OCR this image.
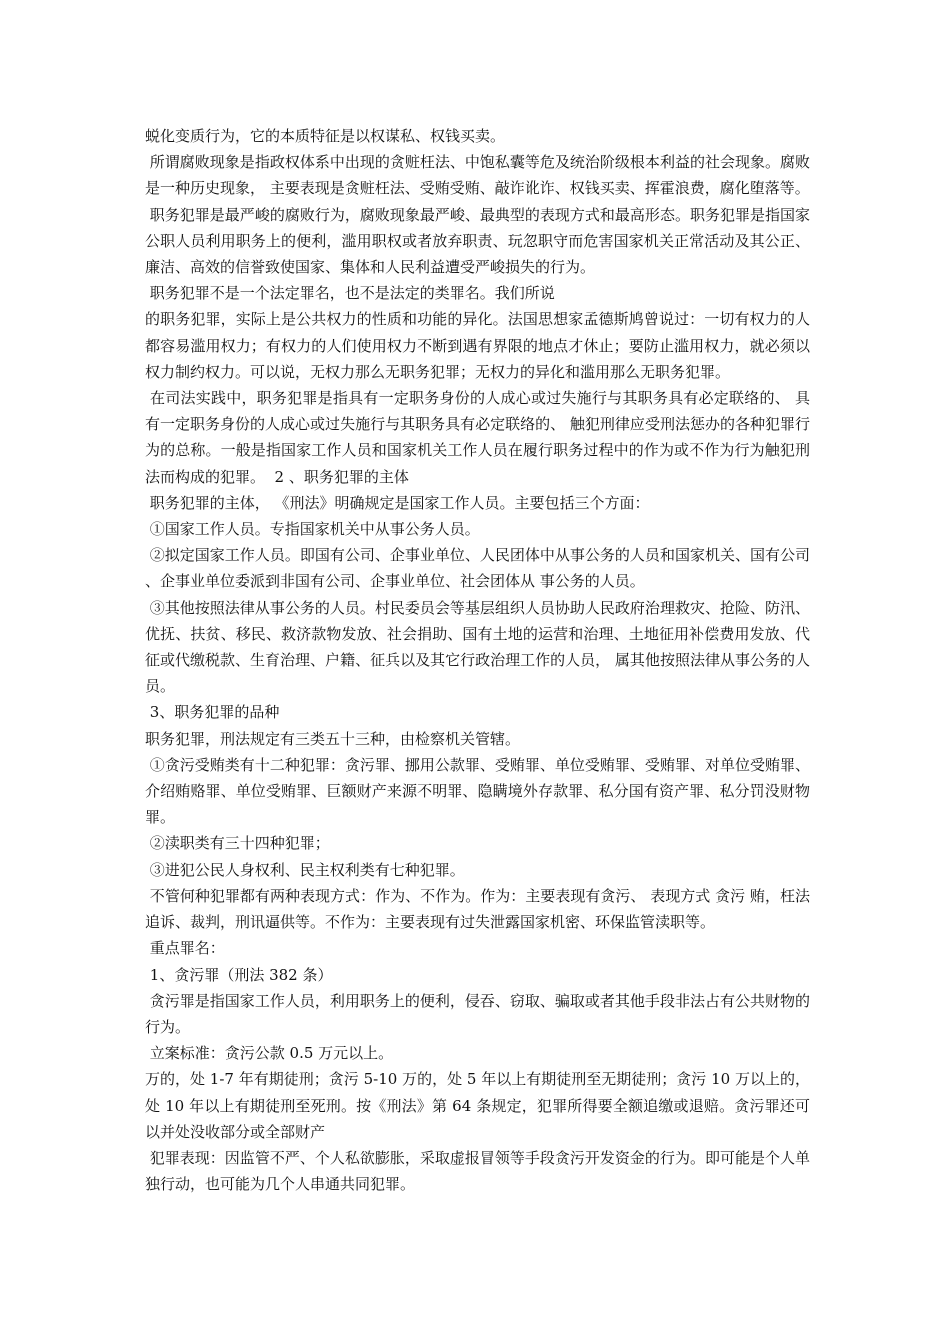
蜕化变质行为，它的本质特征是以权谋私、权钱买卖。

所谓腐败现象是指政权体系中出现的贪赃枉法、中饱私囊等危及统治阶级根本利益的社会现象。腐败是一种历史现象， 主要表现是贪赃枉法、受贿受贿、敲诈讹诈、权钱买卖、挥霍浪费，腐化堕落等。

职务犯罪是最严峻的腐败行为，腐败现象最严峻、最典型的表现方式和最高形态。职务犯罪是指国家公职人员利用职务上的便利，滥用职权或者放弃职责、玩忽职守而危害国家机关正常活动及其公正、廉洁、高效的信誉致使国家、集体和人民利益遭受严峻损失的行为。

职务犯罪不是一个法定罪名，也不是法定的类罪名。我们所说

的职务犯罪，实际上是公共权力的性质和功能的异化。法国思想家孟德斯鸠曾说过：一切有权力的人都容易滥用权力；有权力的人们使用权力不断到遇有界限的地点才休止；要防止滥用权力，就必须以权力制约权力。可以说，无权力那么无职务犯罪；无权力的异化和滥用那么无职务犯罪。

在司法实践中，职务犯罪是指具有一定职务身份的人成心或过失施行与其职务具有必定联络的、 具有一定职务身份的人成心或过失施行与其职务具有必定联络的、 触犯刑律应受刑法惩办的各种犯罪行为的总称。一般是指国家工作人员和国家机关工作人员在履行职务过程中的作为或不作为行为触犯刑法而构成的犯罪。  2 、职务犯罪的主体

职务犯罪的主体， 《刑法》明确规定是国家工作人员。主要包括三个方面：

①国家工作人员。专指国家机关中从事公务人员。

②拟定国家工作人员。即国有公司、企事业单位、人民团体中从事公务的人员和国家机关、国有公司、企事业单位委派到非国有公司、企事业单位、社会团体从 事公务的人员。

③其他按照法律从事公务的人员。村民委员会等基层组织人员协助人民政府治理救灾、抢险、防汛、优抚、扶贫、移民、救济款物发放、社会捐助、国有土地的运营和治理、土地征用补偿费用发放、代征或代缴税款、生育治理、户籍、征兵以及其它行政治理工作的人员， 属其他按照法律从事公务的人员。

3、职务犯罪的品种

职务犯罪，刑法规定有三类五十三种，由检察机关管辖。

①贪污受贿类有十二种犯罪：贪污罪、挪用公款罪、受贿罪、单位受贿罪、受贿罪、对单位受贿罪、介绍贿赂罪、单位受贿罪、巨额财产来源不明罪、隐瞒境外存款罪、私分国有资产罪、私分罚没财物罪。

②渎职类有三十四种犯罪；

③进犯公民人身权利、民主权利类有七种犯罪。

不管何种犯罪都有两种表现方式：作为、不作为。作为：主要表现有贪污、 表现方式 贪污 贿，枉法追诉、裁判，刑讯逼供等。不作为：主要表现有过失泄露国家机密、环保监管渎职等。

重点罪名：

1、贪污罪（刑法 382 条）

贪污罪是指国家工作人员，利用职务上的便利，侵吞、窃取、骗取或者其他手段非法占有公共财物的行为。

立案标准：贪污公款 0.5 万元以上。

万的，处 1-7 年有期徒刑；贪污 5-10 万的，处 5 年以上有期徒刑至无期徒刑；贪污 10 万以上的，处 10 年以上有期徒刑至死刑。按《刑法》第 64 条规定，犯罪所得要全额追缴或退赔。贪污罪还可以并处没收部分或全部财产

犯罪表现：因监管不严、个人私欲膨胀，采取虚报冒领等手段贪污开发资金的行为。即可能是个人单独行动，也可能为几个人串通共同犯罪。
